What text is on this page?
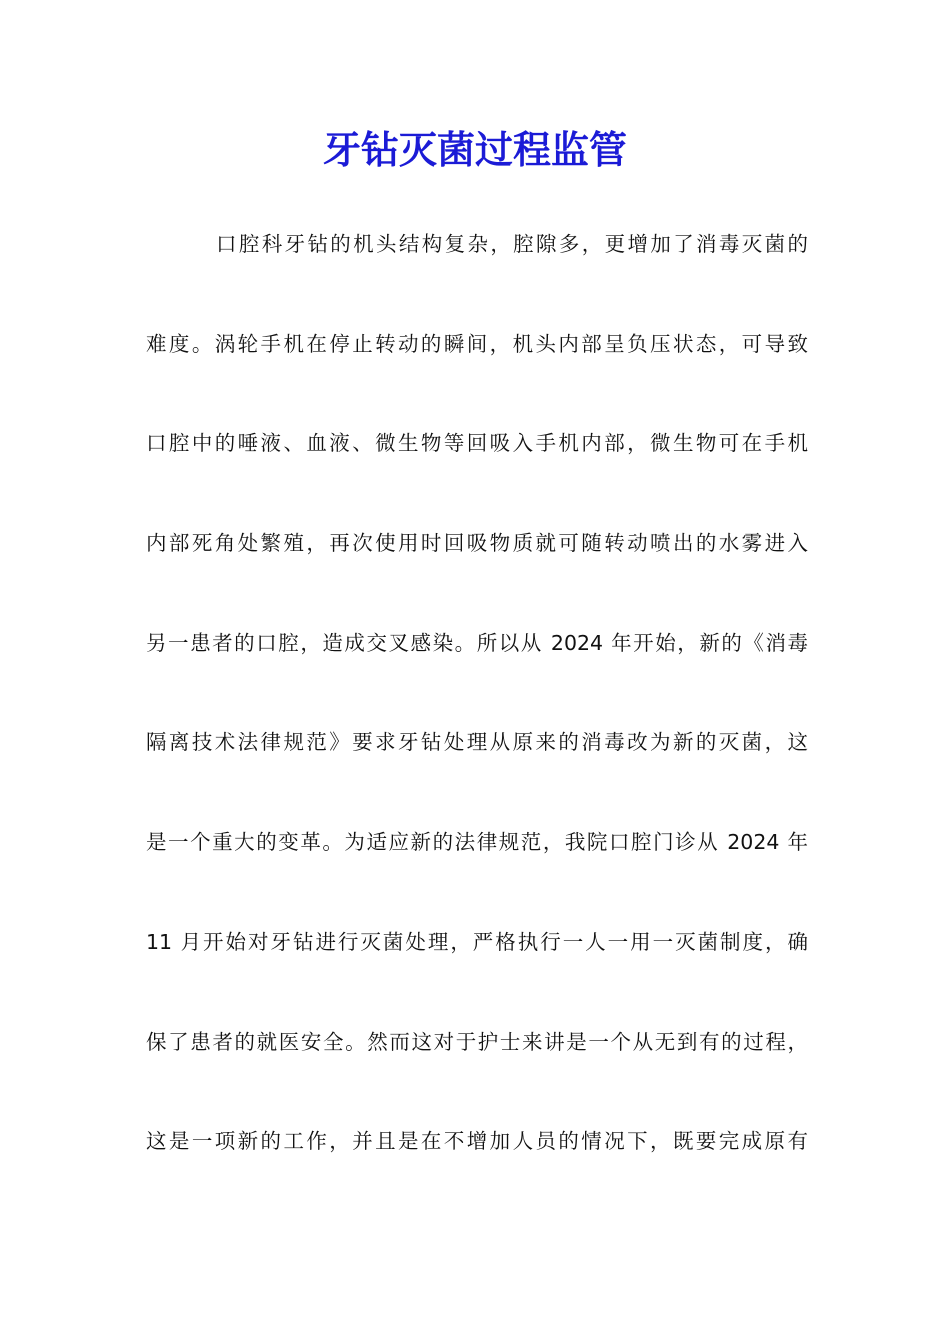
牙钻灭菌过程监管
口腔科牙钻的机头结构复杂，腔隙多，更增加了消毒灭菌的
难度。涡轮手机在停止转动的瞬间，机头内部呈负压状态，可导致
口腔中的唾液、血液、微生物等回吸入手机内部，微生物可在手机
内部死角处繁殖，再次使用时回吸物质就可随转动喷出的水雾进入
另一患者的口腔，造成交叉感染。所以从 2024 年开始，新的《消毒
隔离技术法律规范》要求牙钻处理从原来的消毒改为新的灭菌，这
是一个重大的变革。为适应新的法律规范，我院口腔门诊从 2024 年
11 月开始对牙钻进行灭菌处理，严格执行一人一用一灭菌制度，确
保了患者的就医安全。然而这对于护士来讲是一个从无到有的过程，
这是一项新的工作，并且是在不增加人员的情况下，既要完成原有
